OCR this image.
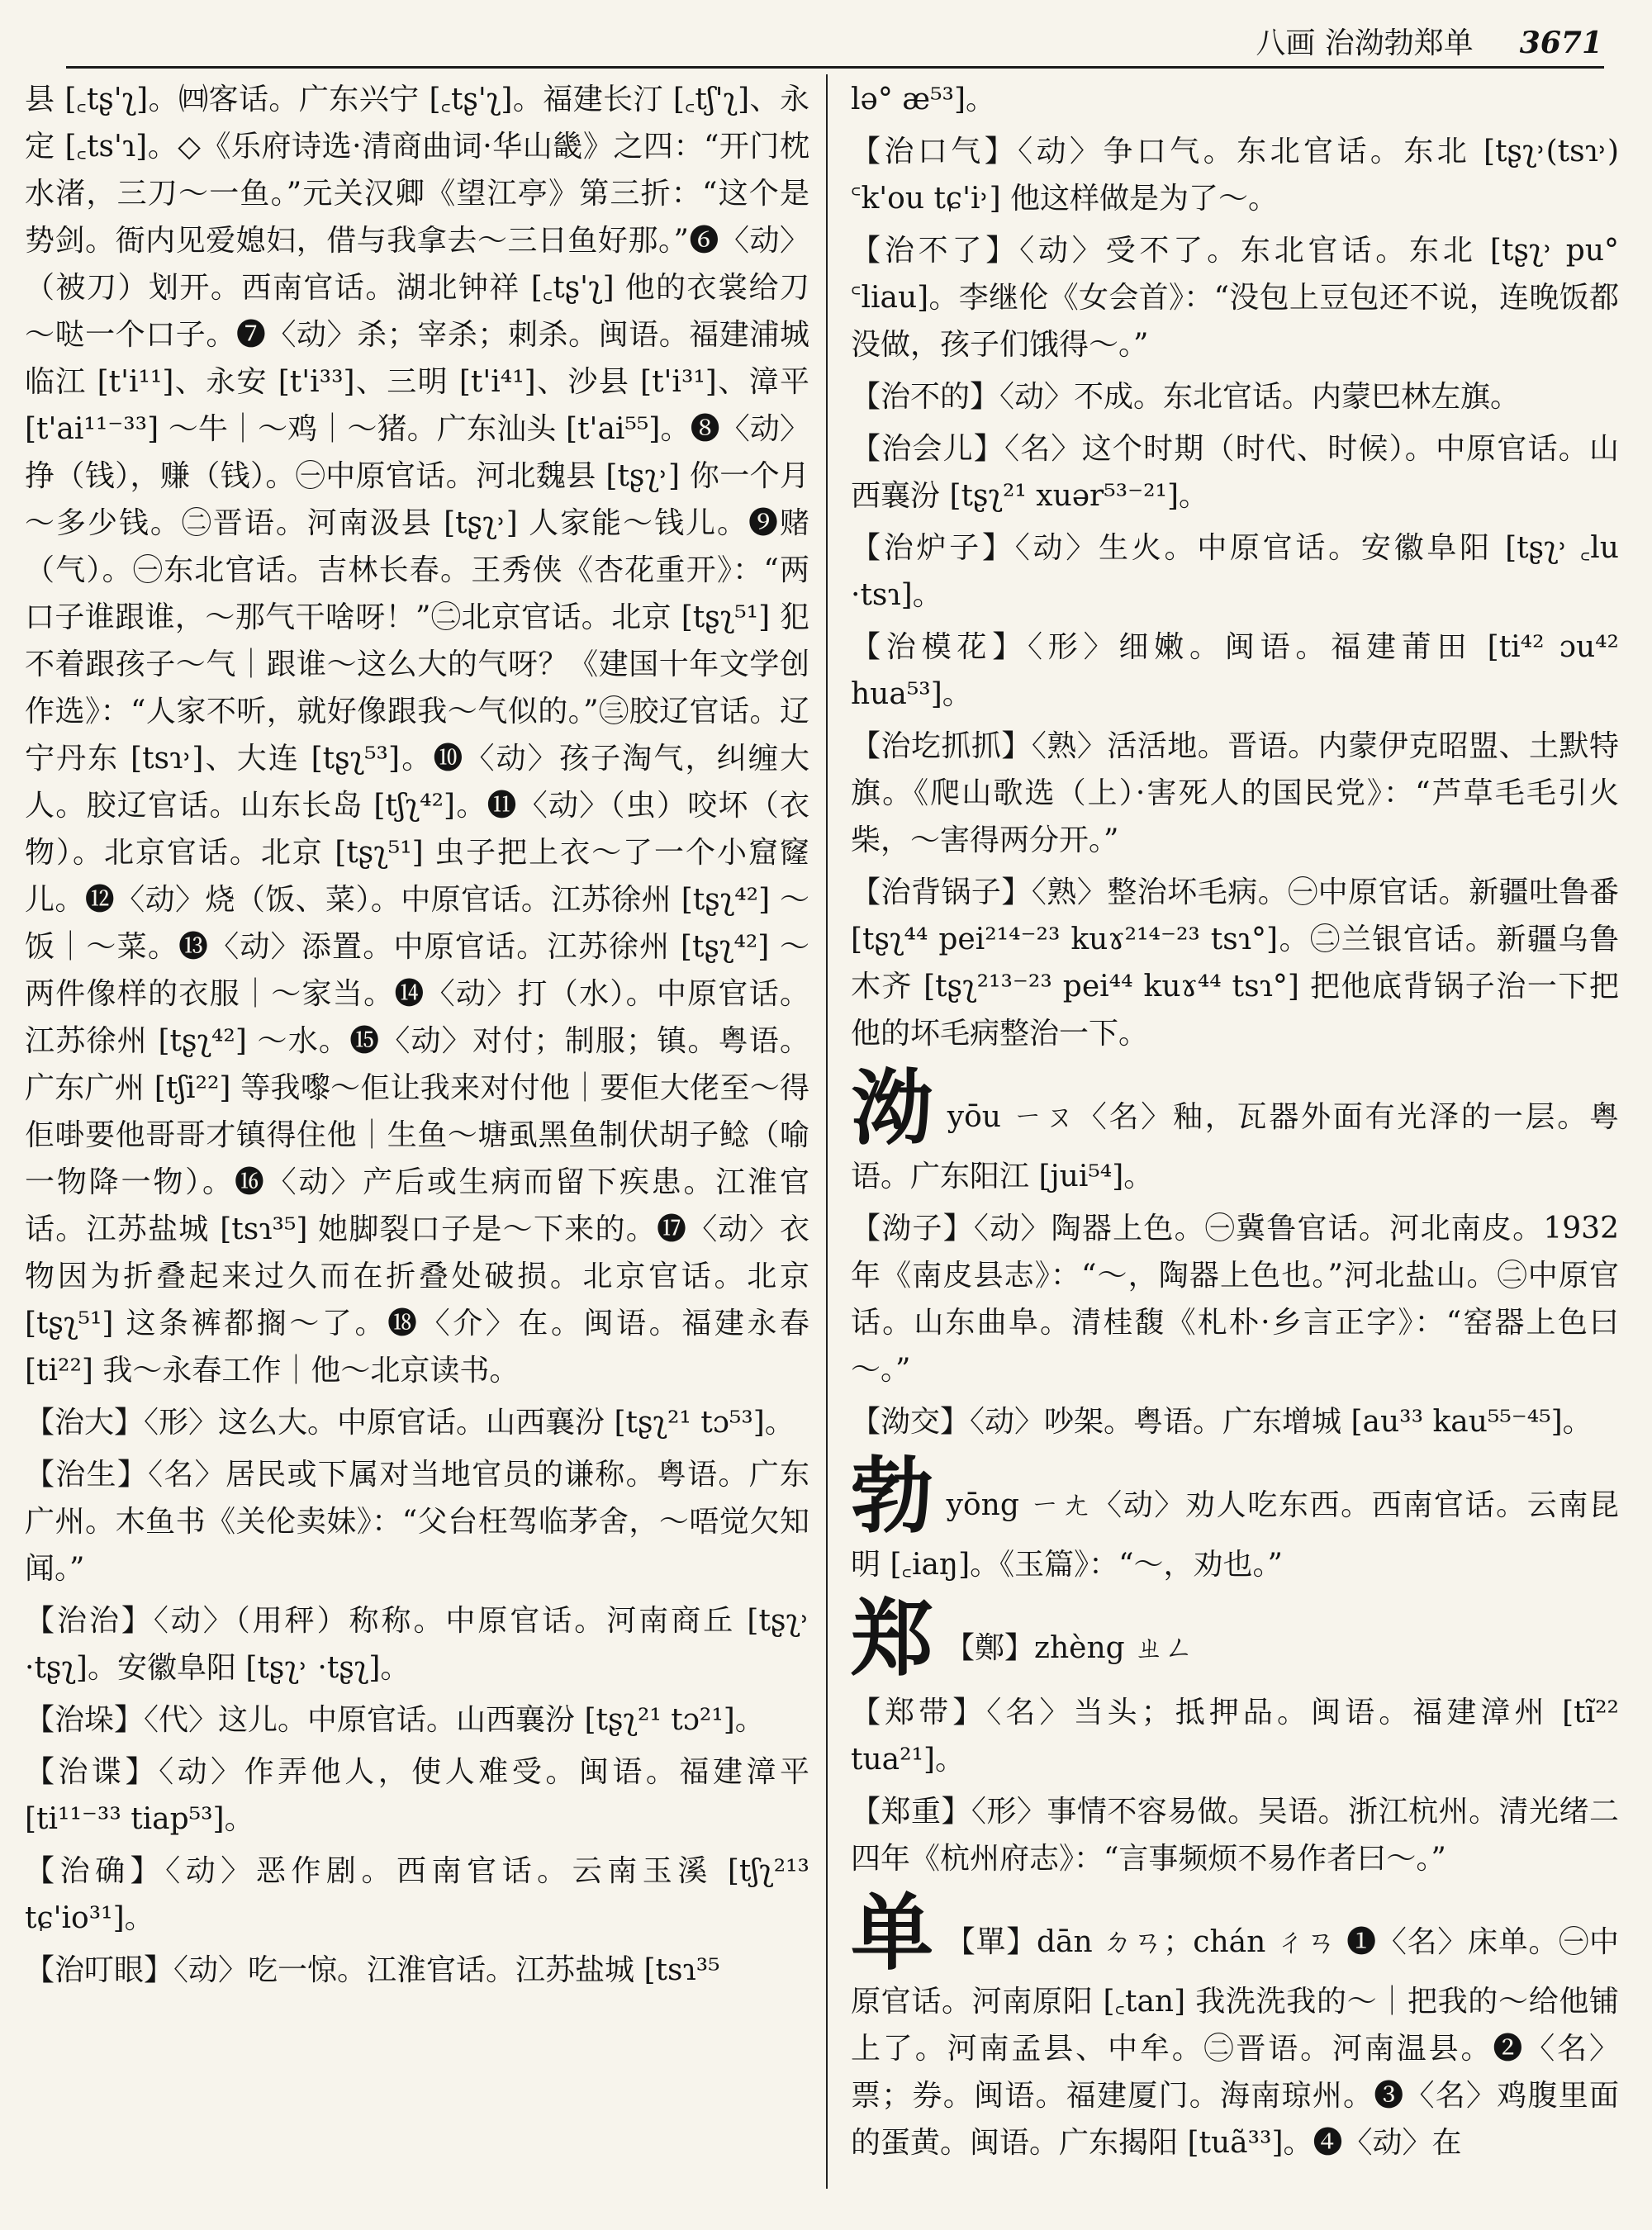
八画 治泑勃郑单 3671

县 [꜀tʂ'ʅ]。㈣客话。广东兴宁 [꜀tʂ'ʅ]。福建长汀 [꜀tʃ'ʅ]、永定 [꜀ts'ɿ]。◇《乐府诗选·清商曲词·华山畿》之四：“开门枕水渚，三刀～一鱼。”元关汉卿《望江亭》第三折：“这个是势剑。衙内见爱媳妇，借与我拿去～三日鱼好那。”❻〈动〉（被刀）划开。西南官话。湖北钟祥 [꜀tʂ'ʅ] 他的衣裳给刀～哒一个口子。❼〈动〉杀；宰杀；刺杀。闽语。福建浦城临江 [t'i¹¹]、永安 [t'i³³]、三明 [t'i⁴¹]、沙县 [t'i³¹]、漳平 [t'ai¹¹⁻³³] ～牛｜～鸡｜～猪。广东汕头 [t'ai⁵⁵]。❽〈动〉挣（钱），赚（钱）。㊀中原官话。河北魏县 [tʂʅ˒] 你一个月～多少钱。㊁晋语。河南汲县 [tʂʅ˒] 人家能～钱儿。❾赌（气）。㊀东北官话。吉林长春。王秀侠《杏花重开》：“两口子谁跟谁，～那气干啥呀！”㊁北京官话。北京 [tʂʅ⁵¹] 犯不着跟孩子～气｜跟谁～这么大的气呀？《建国十年文学创作选》：“人家不听，就好像跟我～气似的。”㊂胶辽官话。辽宁丹东 [tsɿ˒]、大连 [tʂʅ⁵³]。❿〈动〉孩子淘气，纠缠大人。胶辽官话。山东长岛 [tʃʅ⁴²]。⓫〈动〉（虫）咬坏（衣物）。北京官话。北京 [tʂʅ⁵¹] 虫子把上衣～了一个小窟窿儿。⓬〈动〉烧（饭、菜）。中原官话。江苏徐州 [tʂʅ⁴²] ～饭｜～菜。⓭〈动〉添置。中原官话。江苏徐州 [tʂʅ⁴²] ～两件像样的衣服｜～家当。⓮〈动〉打（水）。中原官话。江苏徐州 [tʂʅ⁴²] ～水。⓯〈动〉对付；制服；镇。粤语。广东广州 [tʃi²²] 等我嚟～佢让我来对付他｜要佢大佬至～得佢啩要他哥哥才镇得住他｜生鱼～塘虱黑鱼制伏胡子鲶（喻一物降一物）。⓰〈动〉产后或生病而留下疾患。江淮官话。江苏盐城 [tsɿ³⁵] 她脚裂口子是～下来的。⓱〈动〉衣物因为折叠起来过久而在折叠处破损。北京官话。北京 [tʂʅ⁵¹] 这条裤都搁～了。⓲〈介〉在。闽语。福建永春 [ti²²] 我～永春工作｜他～北京读书。

【治大】〈形〉这么大。中原官话。山西襄汾 [tʂʅ²¹ tɔ⁵³]。

【治生】〈名〉居民或下属对当地官员的谦称。粤语。广东广州。木鱼书《关伦卖妹》：“父台枉驾临茅舍，～唔觉欠知闻。”

【治治】〈动〉（用秤）称称。中原官话。河南商丘 [tʂʅ˒ ·tʂʅ]。安徽阜阳 [tʂʅ˒ ·tʂʅ]。

【治垛】〈代〉这儿。中原官话。山西襄汾 [tʂʅ²¹ tɔ²¹]。

【治谍】〈动〉作弄他人，使人难受。闽语。福建漳平 [ti¹¹⁻³³ tiap⁵³]。

【治确】〈动〉恶作剧。西南官话。云南玉溪 [tʃʅ²¹³ tɕ'io³¹]。

【治叮眼】〈动〉吃一惊。江淮官话。江苏盐城 [tsɿ³⁵

lə° æ⁵³]。

【治口气】〈动〉争口气。东北官话。东北 [tʂʅ˒(tsɿ˒) ꜂k'ou tɕ'i˒] 他这样做是为了～。

【治不了】〈动〉受不了。东北官话。东北 [tʂʅ˒ pu° ꜂liau]。李继伦《女会首》：“没包上豆包还不说，连晚饭都没做，孩子们饿得～。”

【治不的】〈动〉不成。东北官话。内蒙巴林左旗。

【治会儿】〈名〉这个时期（时代、时候）。中原官话。山西襄汾 [tʂʅ²¹ xuər⁵³⁻²¹]。

【治炉子】〈动〉生火。中原官话。安徽阜阳 [tʂʅ˒ ꜀lu ·tsɿ]。

【治模花】〈形〉细嫩。闽语。福建莆田 [ti⁴² ɔu⁴² hua⁵³]。

【治圪抓抓】〈熟〉活活地。晋语。内蒙伊克昭盟、土默特旗。《爬山歌选（上）·害死人的国民党》：“芦草毛毛引火柴，～害得两分开。”

【治背锅子】〈熟〉整治坏毛病。㊀中原官话。新疆吐鲁番 [tʂʅ⁴⁴ pei²¹⁴⁻²³ kuɤ²¹⁴⁻²³ tsɿ°]。㊁兰银官话。新疆乌鲁木齐 [tʂʅ²¹³⁻²³ pei⁴⁴ kuɤ⁴⁴ tsɿ°] 把他底背锅子治一下把他的坏毛病整治一下。

泑yōu ㄧㄡ〈名〉釉，瓦器外面有光泽的一层。粤语。广东阳江 [jui⁵⁴]。

【泑子】〈动〉陶器上色。㊀冀鲁官话。河北南皮。1932年《南皮县志》：“～，陶器上色也。”河北盐山。㊁中原官话。山东曲阜。清桂馥《札朴·乡言正字》：“窑器上色曰～。”

【泑交】〈动〉吵架。粤语。广东增城 [au³³ kau⁵⁵⁻⁴⁵]。

勃yōng ㄧㄤ〈动〉劝人吃东西。西南官话。云南昆明 [꜀iaŋ]。《玉篇》：“～，劝也。”

郑 【鄭】zhèng ㄓㄥ

【郑带】〈名〉当头；抵押品。闽语。福建漳州 [tĩ²² tua²¹]。

【郑重】〈形〉事情不容易做。吴语。浙江杭州。清光绪二四年《杭州府志》：“言事频烦不易作者曰～。”

单 【單】dān ㄉㄢ；chán ㄔㄢ ❶〈名〉床单。㊀中原官话。河南原阳 [꜀tan] 我洗洗我的～｜把我的～给他铺上了。河南孟县、中牟。㊁晋语。河南温县。❷〈名〉票；券。闽语。福建厦门。海南琼州。❸〈名〉鸡腹里面的蛋黄。闽语。广东揭阳 [tuã³³]。❹〈动〉在
